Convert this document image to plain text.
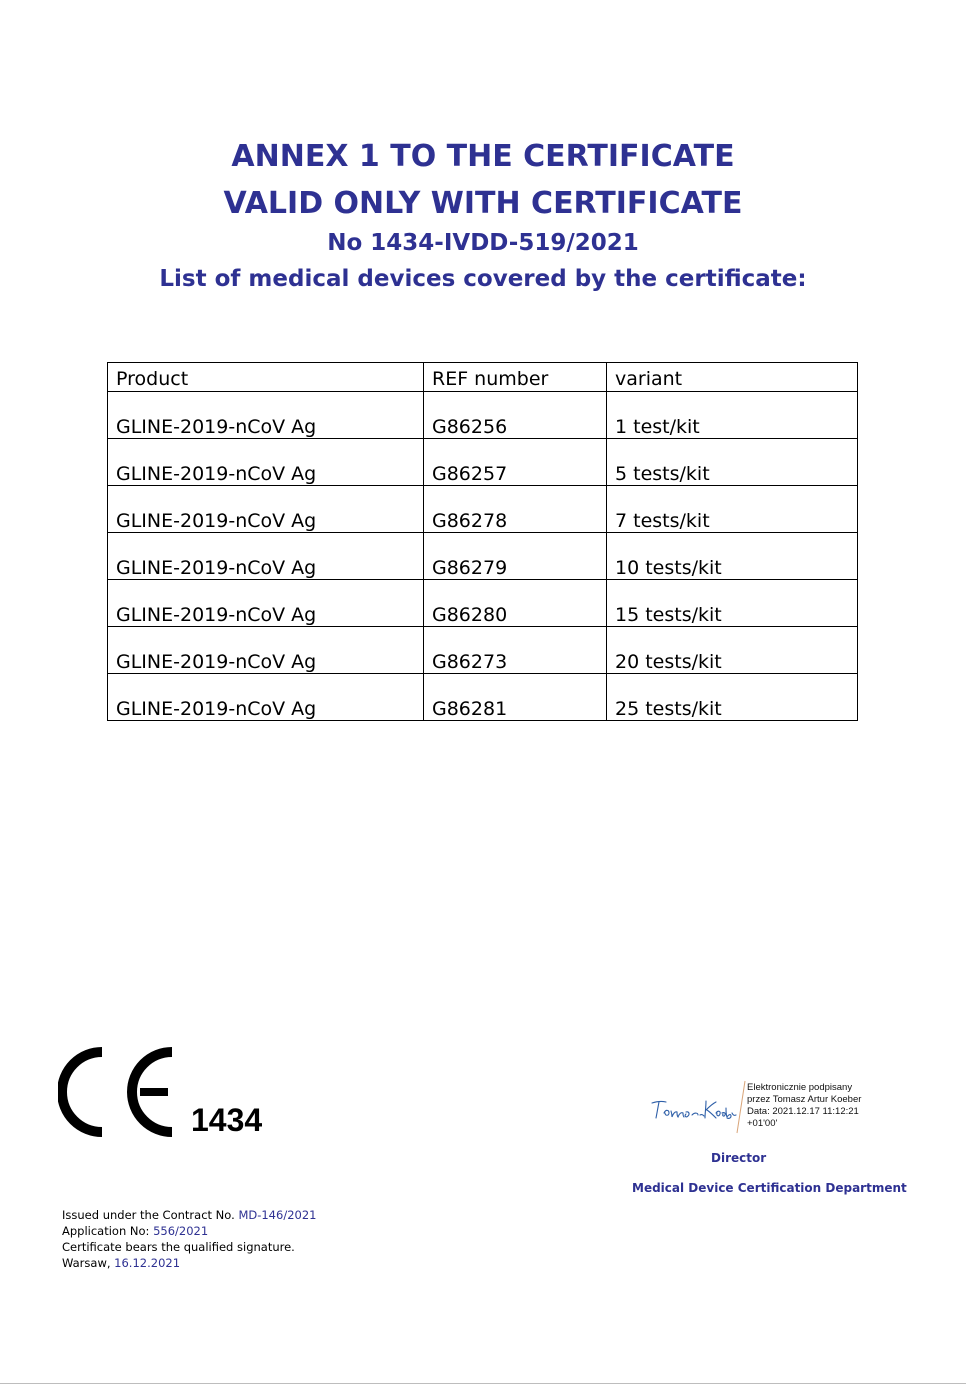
ANNEX 1 TO THE CERTIFICATE
VALID ONLY WITH CERTIFICATE
No 1434-IVDD-519/2021
List of medical devices covered by the certificate:
Product	REF number	variant
GLINE-2019-nCoV Ag	G86256	1 test/kit
GLINE-2019-nCoV Ag	G86257	5 tests/kit
GLINE-2019-nCoV Ag	G86278	7 tests/kit
GLINE-2019-nCoV Ag	G86279	10 tests/kit
GLINE-2019-nCoV Ag	G86280	15 tests/kit
GLINE-2019-nCoV Ag	G86273	20 tests/kit
GLINE-2019-nCoV Ag	G86281	25 tests/kit
1434
Elektronicznie podpisany
przez Tomasz Artur Koeber
Data: 2021.12.17 11:12:21
+01'00'
Director
Medical Device Certification Department
Issued under the Contract No. MD-146/2021
Application No: 556/2021
Certificate bears the qualified signature.
Warsaw, 16.12.2021
